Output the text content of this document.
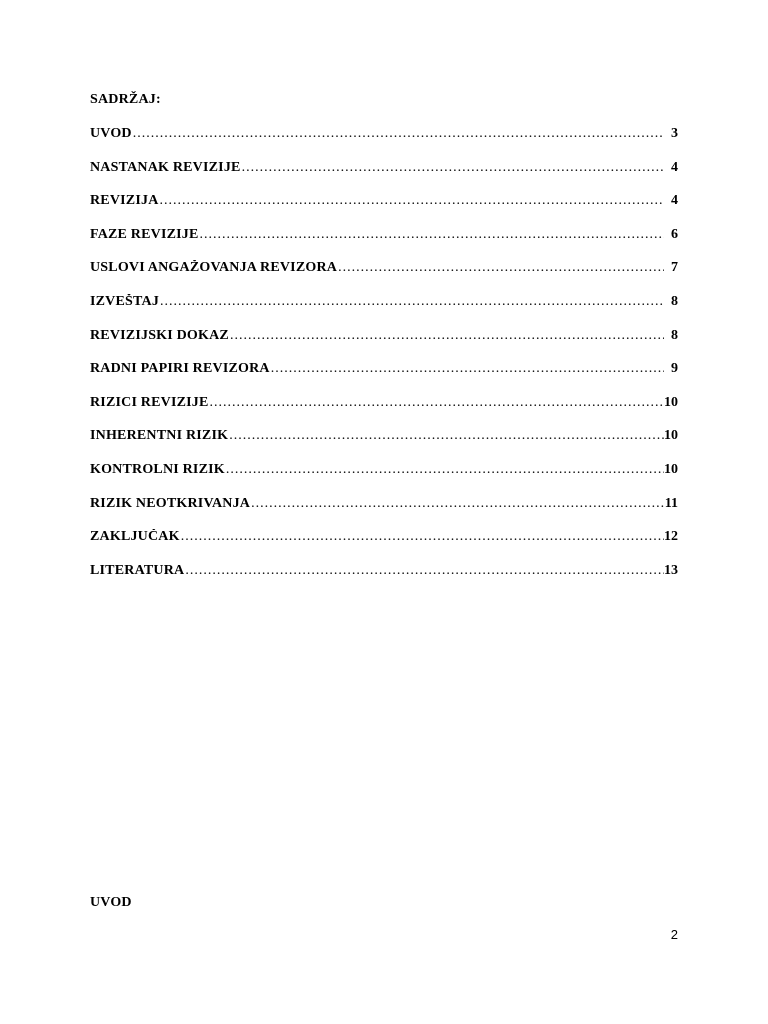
SADRŽAJ:
UVOD .....	3
NASTANAK REVIZIJE .....	4
REVIZIJA .....	4
FAZE REVIZIJE .....	6
USLOVI ANGAŽOVANJA REVIZORA .....	7
IZVEŠTAJ .....	8
REVIZIJSKI DOKAZ .....	8
RADNI PAPIRI REVIZORA .....	9
RIZICI REVIZIJE .....	10
INHERENTNI RIZIK .....	10
KONTROLNI RIZIK .....	10
RIZIK NEOTKRIVANJA .....	11
ZAKLJUČAK .....	12
LITERATURA .....	13
UVOD
2
